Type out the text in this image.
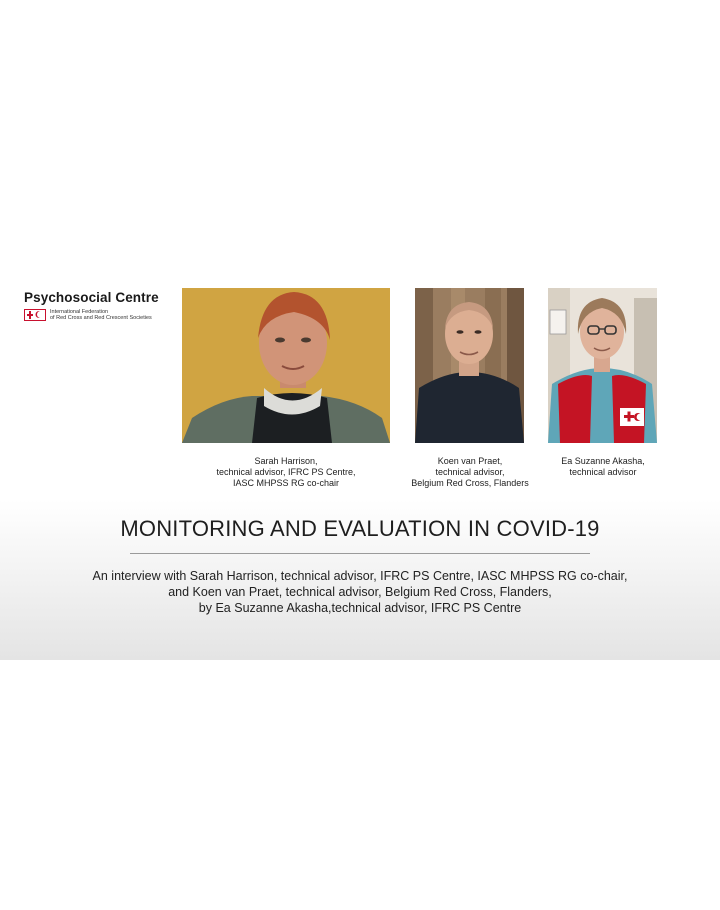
Psychosocial Centre
International Federation
of Red Cross and Red Crescent Societies
Sarah Harrison,
technical advisor, IFRC PS Centre,
IASC MHPSS RG co-chair
Koen van Praet,
technical advisor,
Belgium Red Cross, Flanders
Ea Suzanne Akasha,
technical advisor
MONITORING AND EVALUATION IN COVID-19
An interview with Sarah Harrison, technical advisor, IFRC PS Centre, IASC MHPSS RG co-chair,
and Koen van Praet, technical advisor, Belgium Red Cross, Flanders,
by Ea Suzanne Akasha,technical advisor, IFRC PS Centre
